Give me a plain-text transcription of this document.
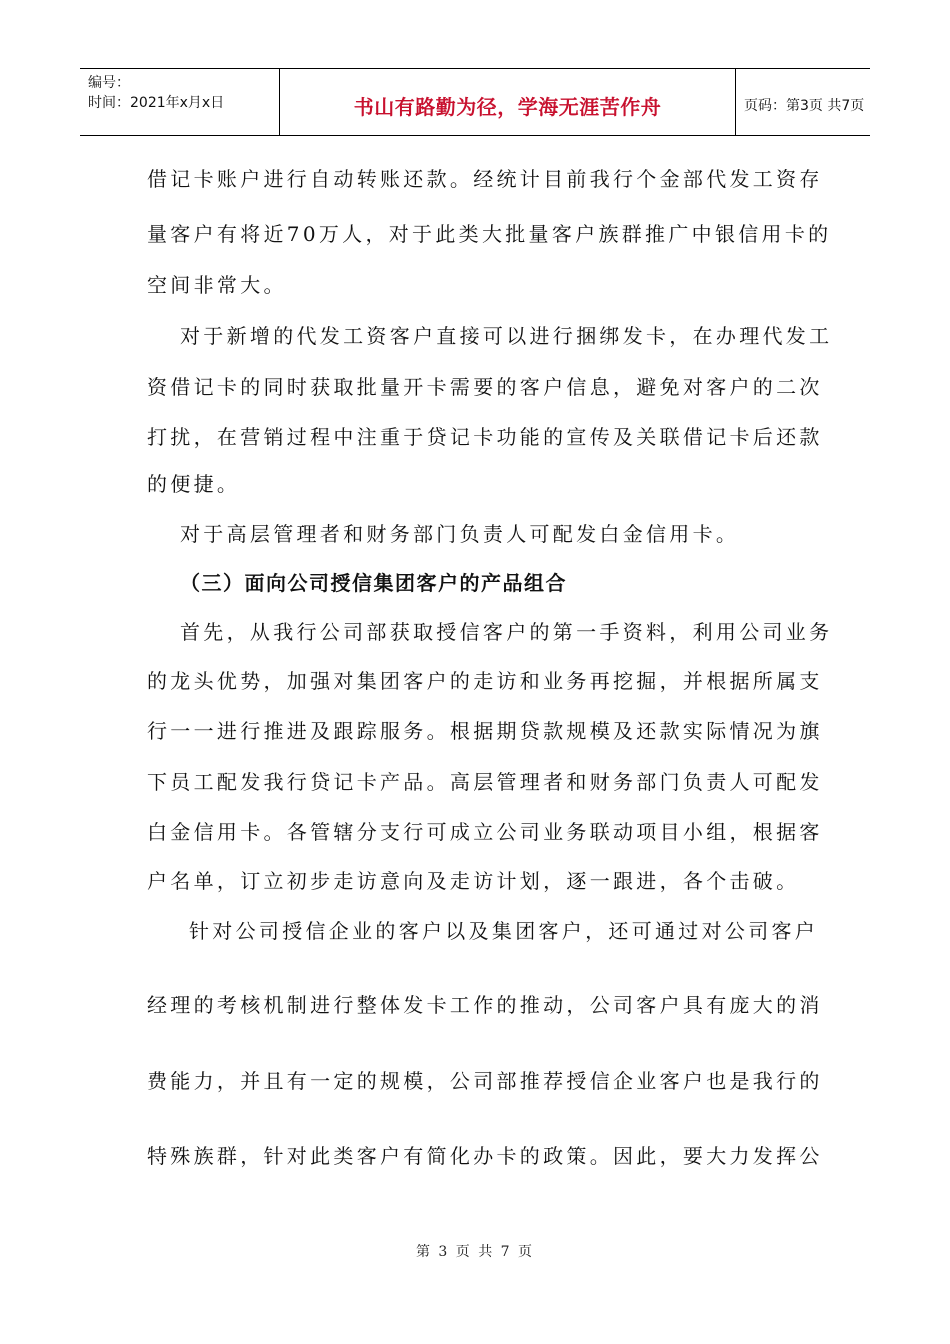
编号：
时间：2021年x月x日	书山有路勤为径，学海无涯苦作舟	页码：第3页 共7页
借记卡账户进行自动转账还款。经统计目前我行个金部代发工资存
量客户有将近70万人，对于此类大批量客户族群推广中银信用卡的
空间非常大。
对于新增的代发工资客户直接可以进行捆绑发卡，在办理代发工
资借记卡的同时获取批量开卡需要的客户信息，避免对客户的二次
打扰，在营销过程中注重于贷记卡功能的宣传及关联借记卡后还款
的便捷。
对于高层管理者和财务部门负责人可配发白金信用卡。
（三）面向公司授信集团客户的产品组合
首先，从我行公司部获取授信客户的第一手资料，利用公司业务
的龙头优势，加强对集团客户的走访和业务再挖掘，并根据所属支
行一一进行推进及跟踪服务。根据期贷款规模及还款实际情况为旗
下员工配发我行贷记卡产品。高层管理者和财务部门负责人可配发
白金信用卡。各管辖分支行可成立公司业务联动项目小组，根据客
户名单，订立初步走访意向及走访计划，逐一跟进，各个击破。
针对公司授信企业的客户以及集团客户，还可通过对公司客户
经理的考核机制进行整体发卡工作的推动，公司客户具有庞大的消
费能力，并且有一定的规模，公司部推荐授信企业客户也是我行的
特殊族群，针对此类客户有简化办卡的政策。因此，要大力发挥公
第 3 页 共 7 页
